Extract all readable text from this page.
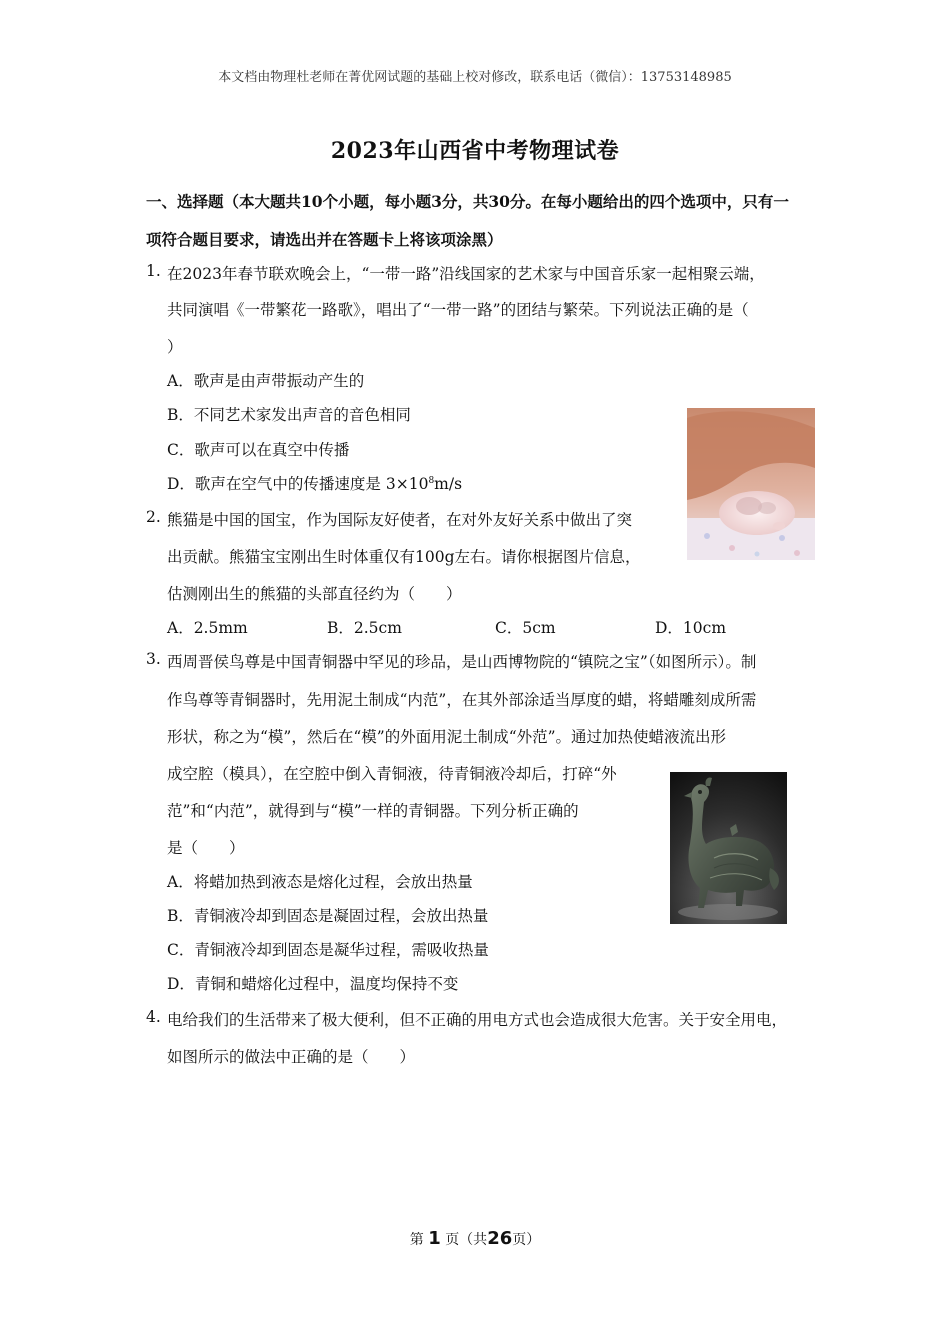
本文档由物理杜老师在菁优网试题的基础上校对修改，联系电话（微信）：13753148985
2023年山西省中考物理试卷
一、选择题（本大题共10个小题，每小题3分，共30分。在每小题给出的四个选项中，只有一
项符合题目要求，请选出并在答题卡上将该项涂黑）
1. 在2023年春节联欢晚会上，“一带一路”沿线国家的艺术家与中国音乐家一起相聚云端，
共同演唱《一带繁花一路歌》，唱出了“一带一路”的团结与繁荣。下列说法正确的是（
）
A．歌声是由声带振动产生的
B．不同艺术家发出声音的音色相同
C．歌声可以在真空中传播
D．歌声在空气中的传播速度是 $3\times 10^8m/s$
2. 熊猫是中国的国宝，作为国际友好使者，在对外友好关系中做出了突
出贡献。熊猫宝宝刚出生时体重仅有100g左右。请你根据图片信息，
估测刚出生的熊猫的头部直径约为（　　）
A．2.5mm	B．2.5cm	C．5cm	D．10cm
3. 西周晋侯鸟尊是中国青铜器中罕见的珍品，是山西博物院的“镇院之宝”（如图所示）。制
作鸟尊等青铜器时，先用泥土制成“内范”，在其外部涂适当厚度的蜡，将蜡雕刻成所需
形状，称之为“模”，然后在“模”的外面用泥土制成“外范”。通过加热使蜡液流出形
成空腔（模具），在空腔中倒入青铜液，待青铜液冷却后，打碎“外
范”和“内范”，就得到与“模”一样的青铜器。下列分析正确的
是（　　）
A．将蜡加热到液态是熔化过程，会放出热量
B．青铜液冷却到固态是凝固过程，会放出热量
C．青铜液冷却到固态是凝华过程，需吸收热量
D．青铜和蜡熔化过程中，温度均保持不变
4. 电给我们的生活带来了极大便利，但不正确的用电方式也会造成很大危害。关于安全用电，
如图所示的做法中正确的是（　　）
第 1 页（共26页）
